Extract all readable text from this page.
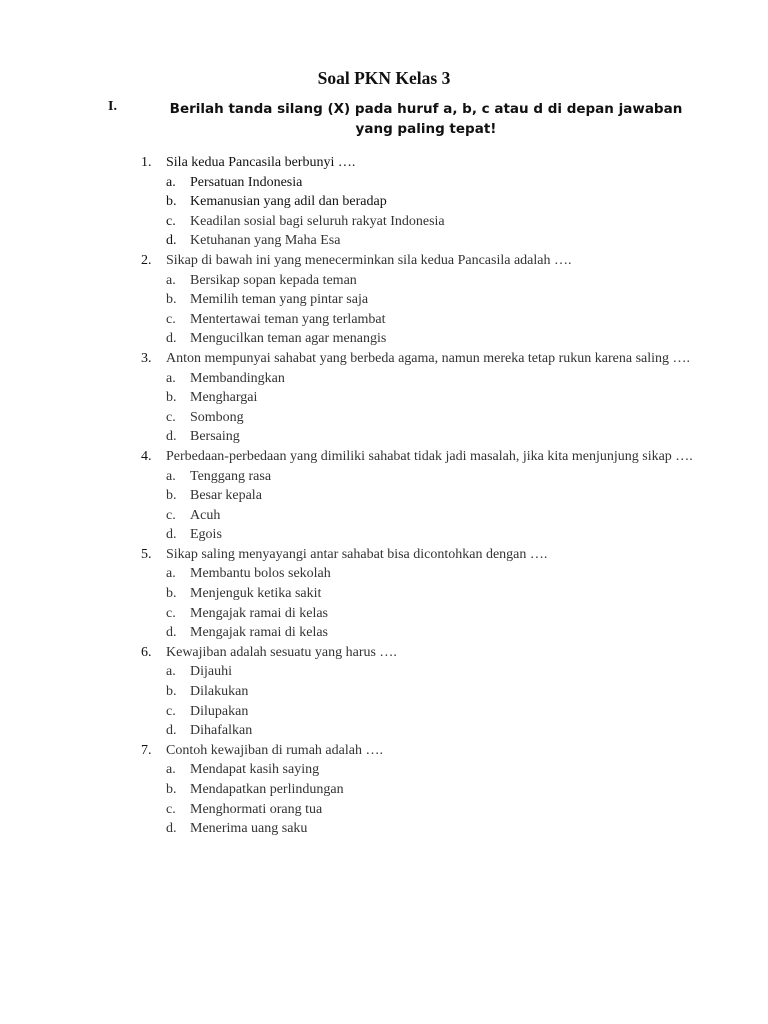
Soal PKN Kelas 3
I.	Berilah tanda silang (X) pada huruf a, b, c atau d di depan jawaban yang paling tepat!
1. Sila kedua Pancasila berbunyi ….
a. Persatuan Indonesia
b. Kemanusian yang adil dan beradap
c. Keadilan sosial bagi seluruh rakyat Indonesia
d. Ketuhanan yang Maha Esa
2. Sikap di bawah ini yang menecerminkan sila kedua Pancasila adalah ….
a. Bersikap sopan kepada teman
b. Memilih teman yang pintar saja
c. Mentertawai teman yang terlambat
d. Mengucilkan teman agar menangis
3. Anton mempunyai sahabat yang berbeda agama, namun mereka tetap rukun karena saling ….
a. Membandingkan
b. Menghargai
c. Sombong
d. Bersaing
4. Perbedaan-perbedaan yang dimiliki sahabat tidak jadi masalah, jika kita menjunjung sikap ….
a. Tenggang rasa
b. Besar kepala
c. Acuh
d. Egois
5. Sikap saling menyayangi antar sahabat bisa dicontohkan dengan ….
a. Membantu bolos sekolah
b. Menjenguk ketika sakit
c. Mengajak ramai di kelas
d. Mengajak ramai di kelas
6. Kewajiban adalah sesuatu yang harus ….
a. Dijauhi
b. Dilakukan
c. Dilupakan
d. Dihafalkan
7. Contoh kewajiban di rumah adalah ….
a. Mendapat kasih saying
b. Mendapatkan perlindungan
c. Menghormati orang tua
d. Menerima uang saku
